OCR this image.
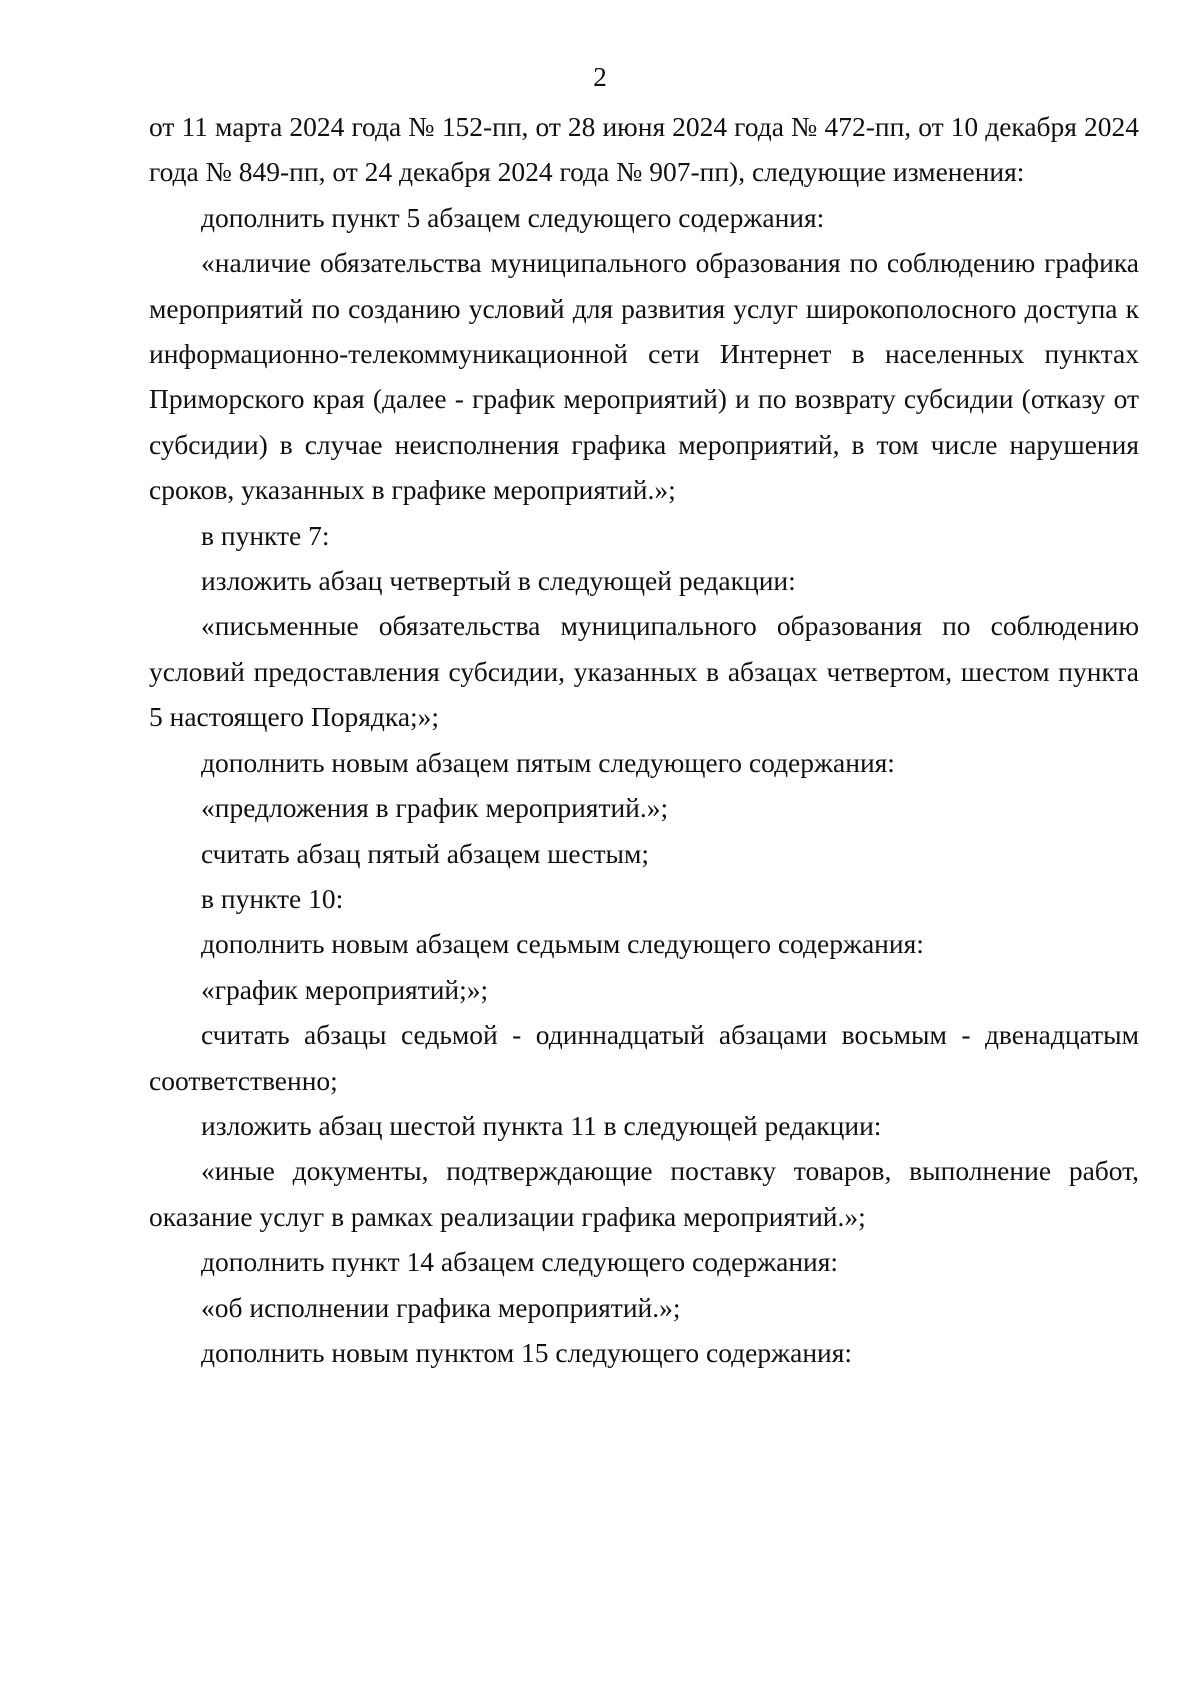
2

от 11 марта 2024 года № 152-пп, от 28 июня 2024 года № 472-пп, от 10 декабря 2024 года № 849-пп, от 24 декабря 2024 года № 907-пп), следующие изменения:

дополнить пункт 5 абзацем следующего содержания:

«наличие обязательства муниципального образования по соблюдению графика мероприятий по созданию условий для развития услуг широкополосного доступа к информационно-телекоммуникационной сети Интернет в населенных пунктах Приморского края (далее - график мероприятий) и по возврату субсидии (отказу от субсидии) в случае неисполнения графика мероприятий, в том числе нарушения сроков, указанных в графике мероприятий.»;

в пункте 7:

изложить абзац четвертый в следующей редакции:

«письменные обязательства муниципального образования по соблюдению условий предоставления субсидии, указанных в абзацах четвертом, шестом пункта 5 настоящего Порядка;»;

дополнить новым абзацем пятым следующего содержания:

«предложения в график мероприятий.»;

считать абзац пятый абзацем шестым;

в пункте 10:

дополнить новым абзацем седьмым следующего содержания:

«график мероприятий;»;

считать абзацы седьмой - одиннадцатый абзацами восьмым - двенадцатым соответственно;

изложить абзац шестой пункта 11 в следующей редакции:

«иные документы, подтверждающие поставку товаров, выполнение работ, оказание услуг в рамках реализации графика мероприятий.»;

дополнить пункт 14 абзацем следующего содержания:

«об исполнении графика мероприятий.»;

дополнить новым пунктом 15 следующего содержания:
